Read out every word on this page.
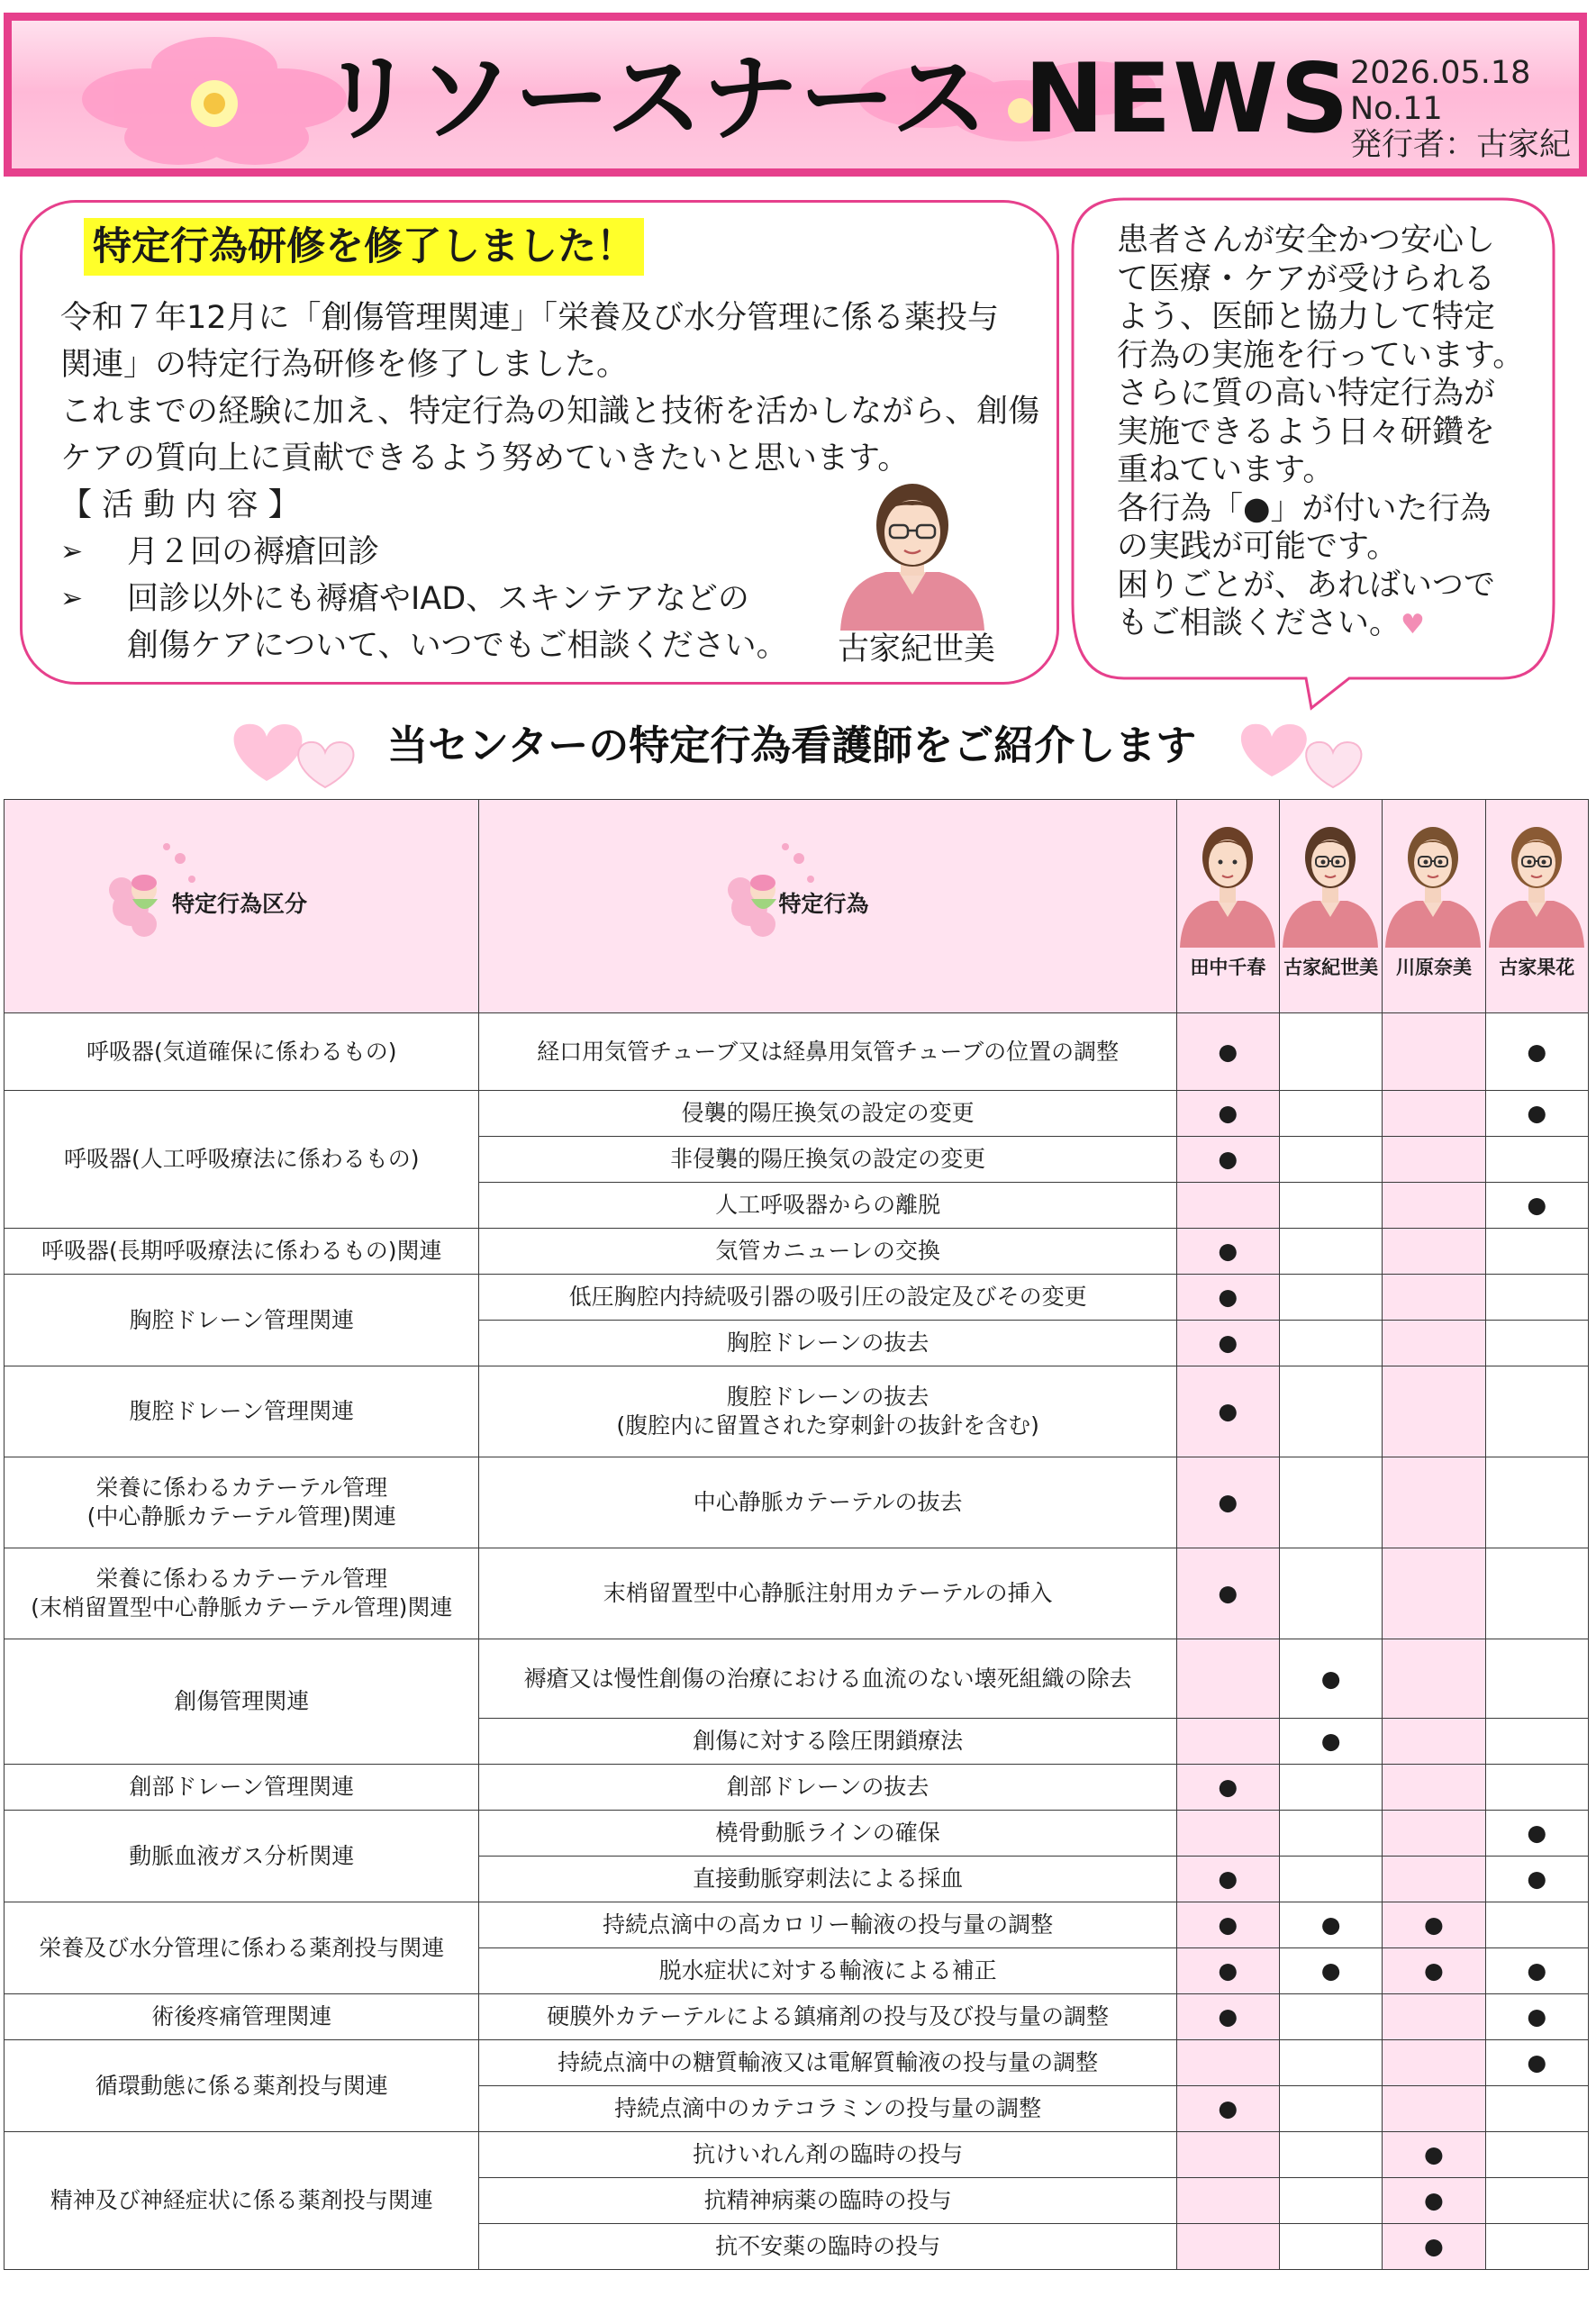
リソースナース NEWS 2026.05.18
No.11
発行者：古家紀
特定行為研修を修了しました！
令和７年12月に「創傷管理関連」「栄養及び水分管理に係る薬投与
関連」の特定行為研修を修了しました。
これまでの経験に加え、特定行為の知識と技術を活かしながら、創傷
ケアの質向上に貢献できるよう努めていきたいと思います。
【 活 動 内 容 】
➢ 月２回の褥瘡回診
➢ 回診以外にも褥瘡やIAD、スキンテアなどの
創傷ケアについて、いつでもご相談ください。 古家紀世美
患者さんが安全かつ安心し
て医療・ケアが受けられる
よう、医師と協力して特定
行為の実施を行っています。
さらに質の高い特定行為が
実施できるよう日々研鑽を
重ねています。
各行為「●」が付いた行為
の実践が可能です。
困りごとが、あればいつで
もご相談ください。♥
当センターの特定行為看護師をご紹介します
特定行為区分	特定行為	田中千春	古家紀世美	川原奈美	古家果花

呼吸器(気道確保に係わるもの)	経口用気管チューブ又は経鼻用気管チューブの位置の調整	●			●

呼吸器(人工呼吸療法に係わるもの)	侵襲的陽圧換気の設定の変更	●			●

	非侵襲的陽圧換気の設定の変更	●			

	人工呼吸器からの離脱				●

呼吸器(長期呼吸療法に係わるもの)関連	気管カニューレの交換	●			

胸腔ドレーン管理関連	低圧胸腔内持続吸引器の吸引圧の設定及びその変更	●			

	胸腔ドレーンの抜去	●			

腹腔ドレーン管理関連	腹腔ドレーンの抜去
(腹腔内に留置された穿刺針の抜針を含む)	●			

栄養に係わるカテーテル管理
(中心静脈カテーテル管理)関連	中心静脈カテーテルの抜去	●			

栄養に係わるカテーテル管理
(末梢留置型中心静脈カテーテル管理)関連	末梢留置型中心静脈注射用カテーテルの挿入	●			

創傷管理関連	褥瘡又は慢性創傷の治療における血流のない壊死組織の除去		●		

	創傷に対する陰圧閉鎖療法		●		

創部ドレーン管理関連	創部ドレーンの抜去	●			

動脈血液ガス分析関連	橈骨動脈ラインの確保				●

	直接動脈穿刺法による採血	●			●

栄養及び水分管理に係わる薬剤投与関連	持続点滴中の高カロリー輸液の投与量の調整	●	●	●	

	脱水症状に対する輸液による補正	●	●	●	●

術後疼痛管理関連	硬膜外カテーテルによる鎮痛剤の投与及び投与量の調整	●			●

循環動態に係る薬剤投与関連	持続点滴中の糖質輸液又は電解質輸液の投与量の調整				●

	持続点滴中のカテコラミンの投与量の調整	●			

精神及び神経症状に係る薬剤投与関連	抗けいれん剤の臨時の投与			●	

	抗精神病薬の臨時の投与			●	

	抗不安薬の臨時の投与			●	
